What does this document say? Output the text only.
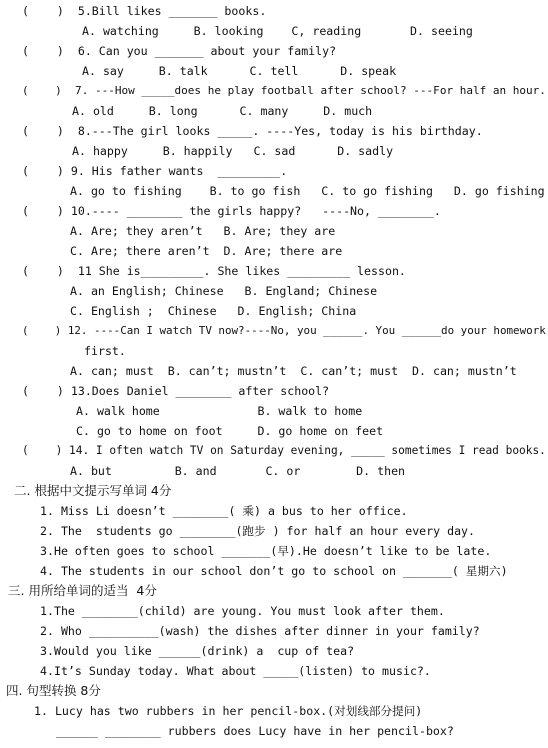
(    )  5.Bill likes _______ books.
A. watching     B. looking    C, reading       D. seeing
(    )  6. Can you _______ about your family?
A. say     B. talk      C. tell      D. speak
(    )  7. ---How _____does he play football after school? ---For half an hour.
A. old     B. long      C. many     D. much
(    )  8.---The girl looks _____. ----Yes, today is his birthday.
A. happy     B. happily   C. sad      D. sadly
(    ) 9. His father wants  _________.
A. go to fishing    B. to go fish   C. to go fishing   D. go fishing
(    ) 10.---- ________ the girls happy?   ----No, ________.
A. Are; they aren’t   B. Are; they are
C. Are; there aren’t  D. Are; there are
(    )  11 She is_________. She likes _________ lesson.
A. an English; Chinese   B. England; Chinese
C. English ;  Chinese   D. English; China
(    ) 12. ----Can I watch TV now?----No, you ______. You ______do your homework
first.
A. can; must  B. can’t; mustn’t  C. can’t; must  D. can; mustn’t
(    ) 13.Does Daniel ________ after school?
A. walk home              B. walk to home
C. go to home on foot     D. go home on feet
(    ) 14. I often watch TV on Saturday evening, _____ sometimes I read books.
A. but         B. and       C. or        D. then
二. 根据中文提示写单词 4分
1. Miss Li doesn’t ________( 乘) a bus to her office.
2. The  students go ________(跑步 ) for half an hour every day.
3.He often goes to school _______(早).He doesn’t like to be late.
4. The students in our school don’t go to school on _______( 星期六)
三. 用所给单词的适当  4分
1.The ________(child) are young. You must look after them.
2. Who __________(wash) the dishes after dinner in your family?
3.Would you like ______(drink) a  cup of tea?
4.It’s Sunday today. What about _____(listen) to music?.
四. 句型转换 8分
1. Lucy has two rubbers in her pencil-box.(对划线部分提问)
______ ________ rubbers does Lucy have in her pencil-box?
